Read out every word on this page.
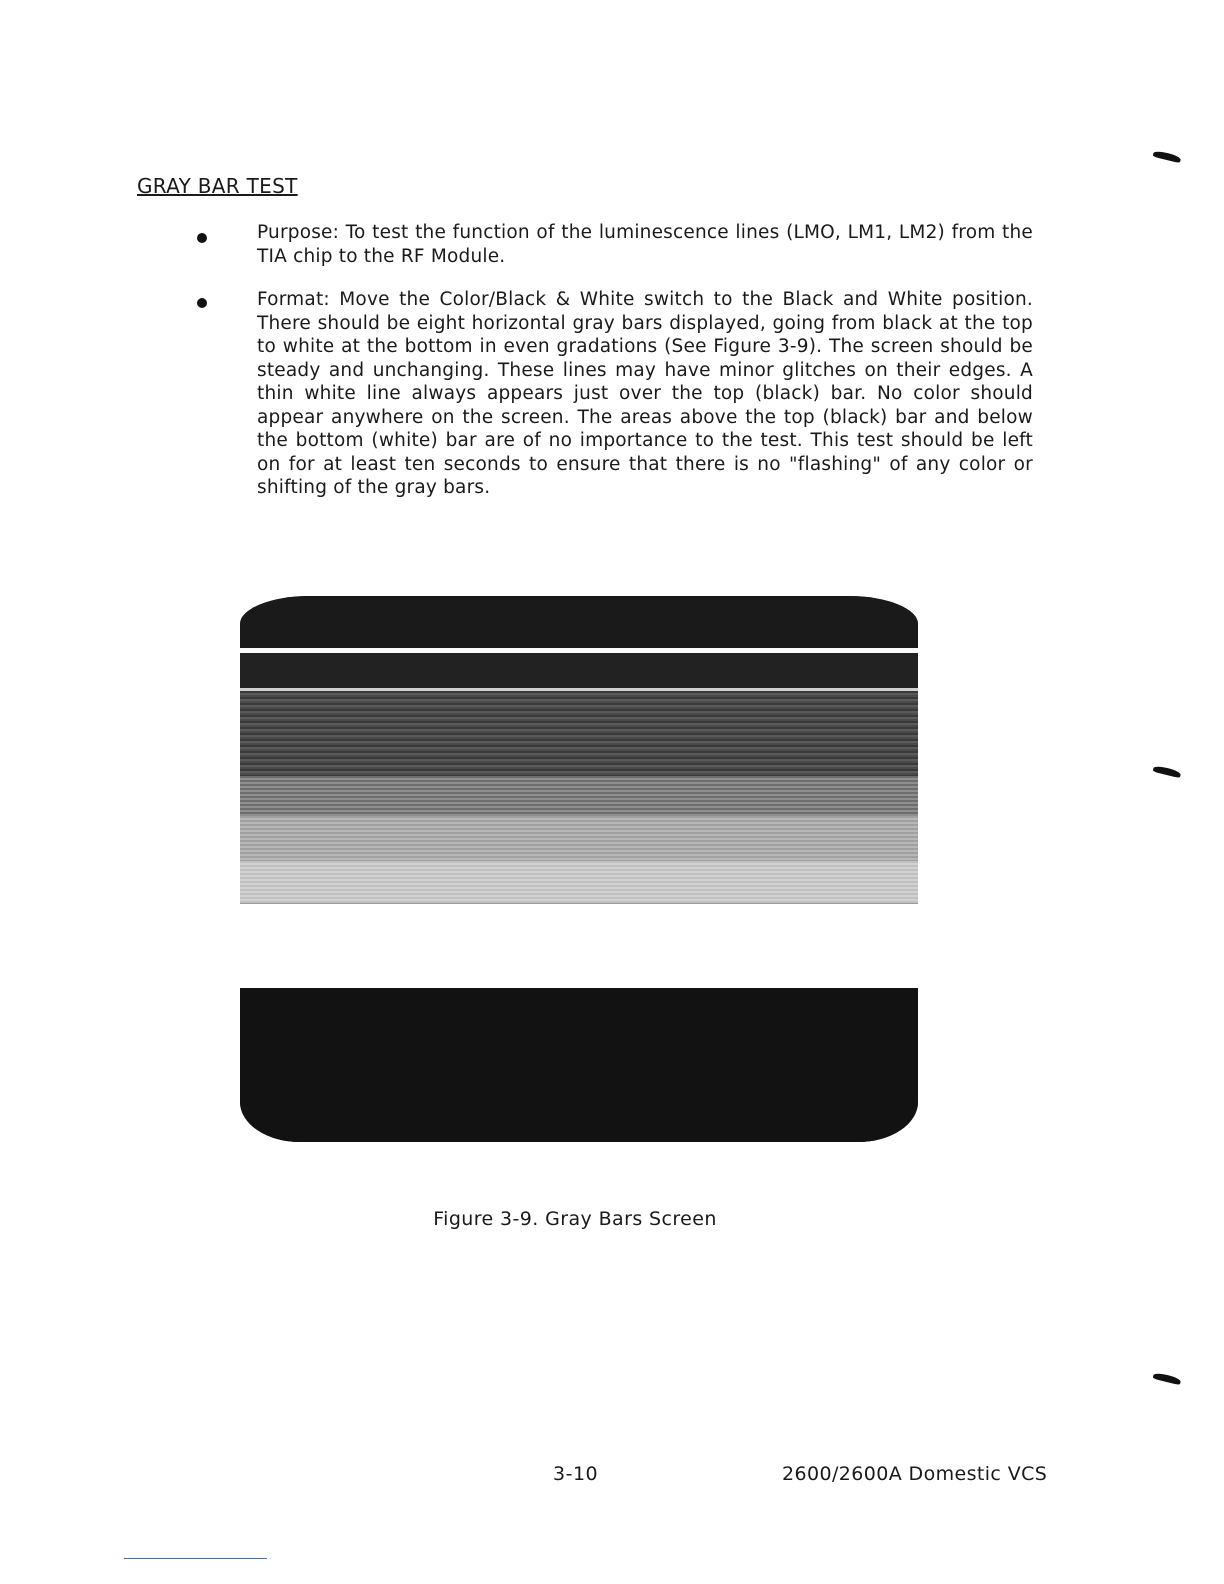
GRAY BAR TEST

Purpose: To test the function of the luminescence lines (LMO, LM1, LM2) from the TIA chip to the RF Module.

Format: Move the Color/Black & White switch to the Black and White position. There should be eight horizontal gray bars displayed, going from black at the top to white at the bottom in even gradations (See Figure 3-9). The screen should be steady and unchanging. These lines may have minor glitches on their edges. A thin white line always appears just over the top (black) bar. No color should appear anywhere on the screen. The areas above the top (black) bar and below the bottom (white) bar are of no importance to the test. This test should be left on for at least ten seconds to ensure that there is no "flashing" of any color or shifting of the gray bars.

Figure 3-9. Gray Bars Screen
3-10	2600/2600A Domestic VCS
